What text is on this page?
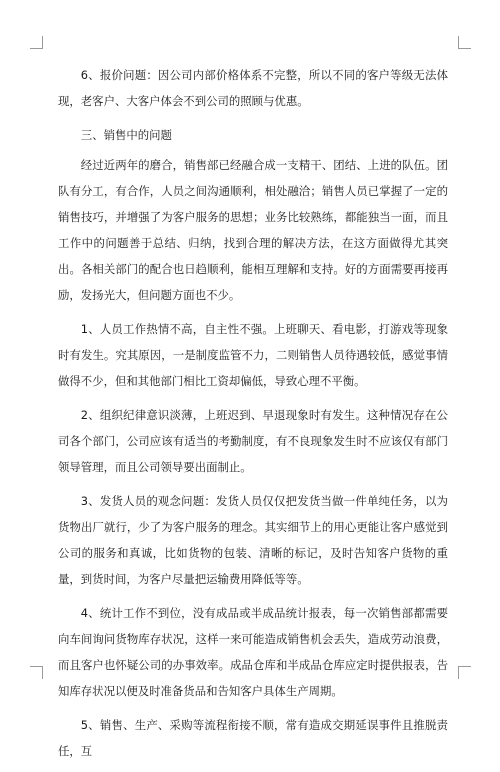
6、报价问题：因公司内部价格体系不完整，所以不同的客户等级无法体现，老客户、大客户体会不到公司的照顾与优惠。

三、销售中的问题

经过近两年的磨合，销售部已经融合成一支精干、团结、上进的队伍。团队有分工，有合作，人员之间沟通顺利，相处融洽；销售人员已掌握了一定的销售技巧，并增强了为客户服务的思想；业务比较熟练，都能独当一面，而且工作中的问题善于总结、归纳，找到合理的解决方法，在这方面做得尤其突出。各相关部门的配合也日趋顺利，能相互理解和支持。好的方面需要再接再励，发扬光大，但问题方面也不少。

1、人员工作热情不高，自主性不强。上班聊天、看电影，打游戏等现象时有发生。究其原因，一是制度监管不力，二则销售人员待遇较低，感觉事情做得不少，但和其他部门相比工资却偏低，导致心理不平衡。

2、组织纪律意识淡薄，上班迟到、早退现象时有发生。这种情况存在公司各个部门，公司应该有适当的考勤制度，有不良现象发生时不应该仅有部门领导管理，而且公司领导要出面制止。

3、发货人员的观念问题：发货人员仅仅把发货当做一件单纯任务，以为货物出厂就行，少了为客户服务的理念。其实细节上的用心更能让客户感觉到公司的服务和真诚，比如货物的包装、清晰的标记，及时告知客户货物的重量，到货时间，为客户尽量把运输费用降低等等。

4、统计工作不到位，没有成品或半成品统计报表，每一次销售部都需要向车间询问货物库存状况，这样一来可能造成销售机会丢失，造成劳动浪费，而且客户也怀疑公司的办事效率。成品仓库和半成品仓库应定时提供报表，告知库存状况以便及时准备货品和告知客户具体生产周期。

5、销售、生产、采购等流程衔接不顺，常有造成交期延误事件且推脱责任，互
